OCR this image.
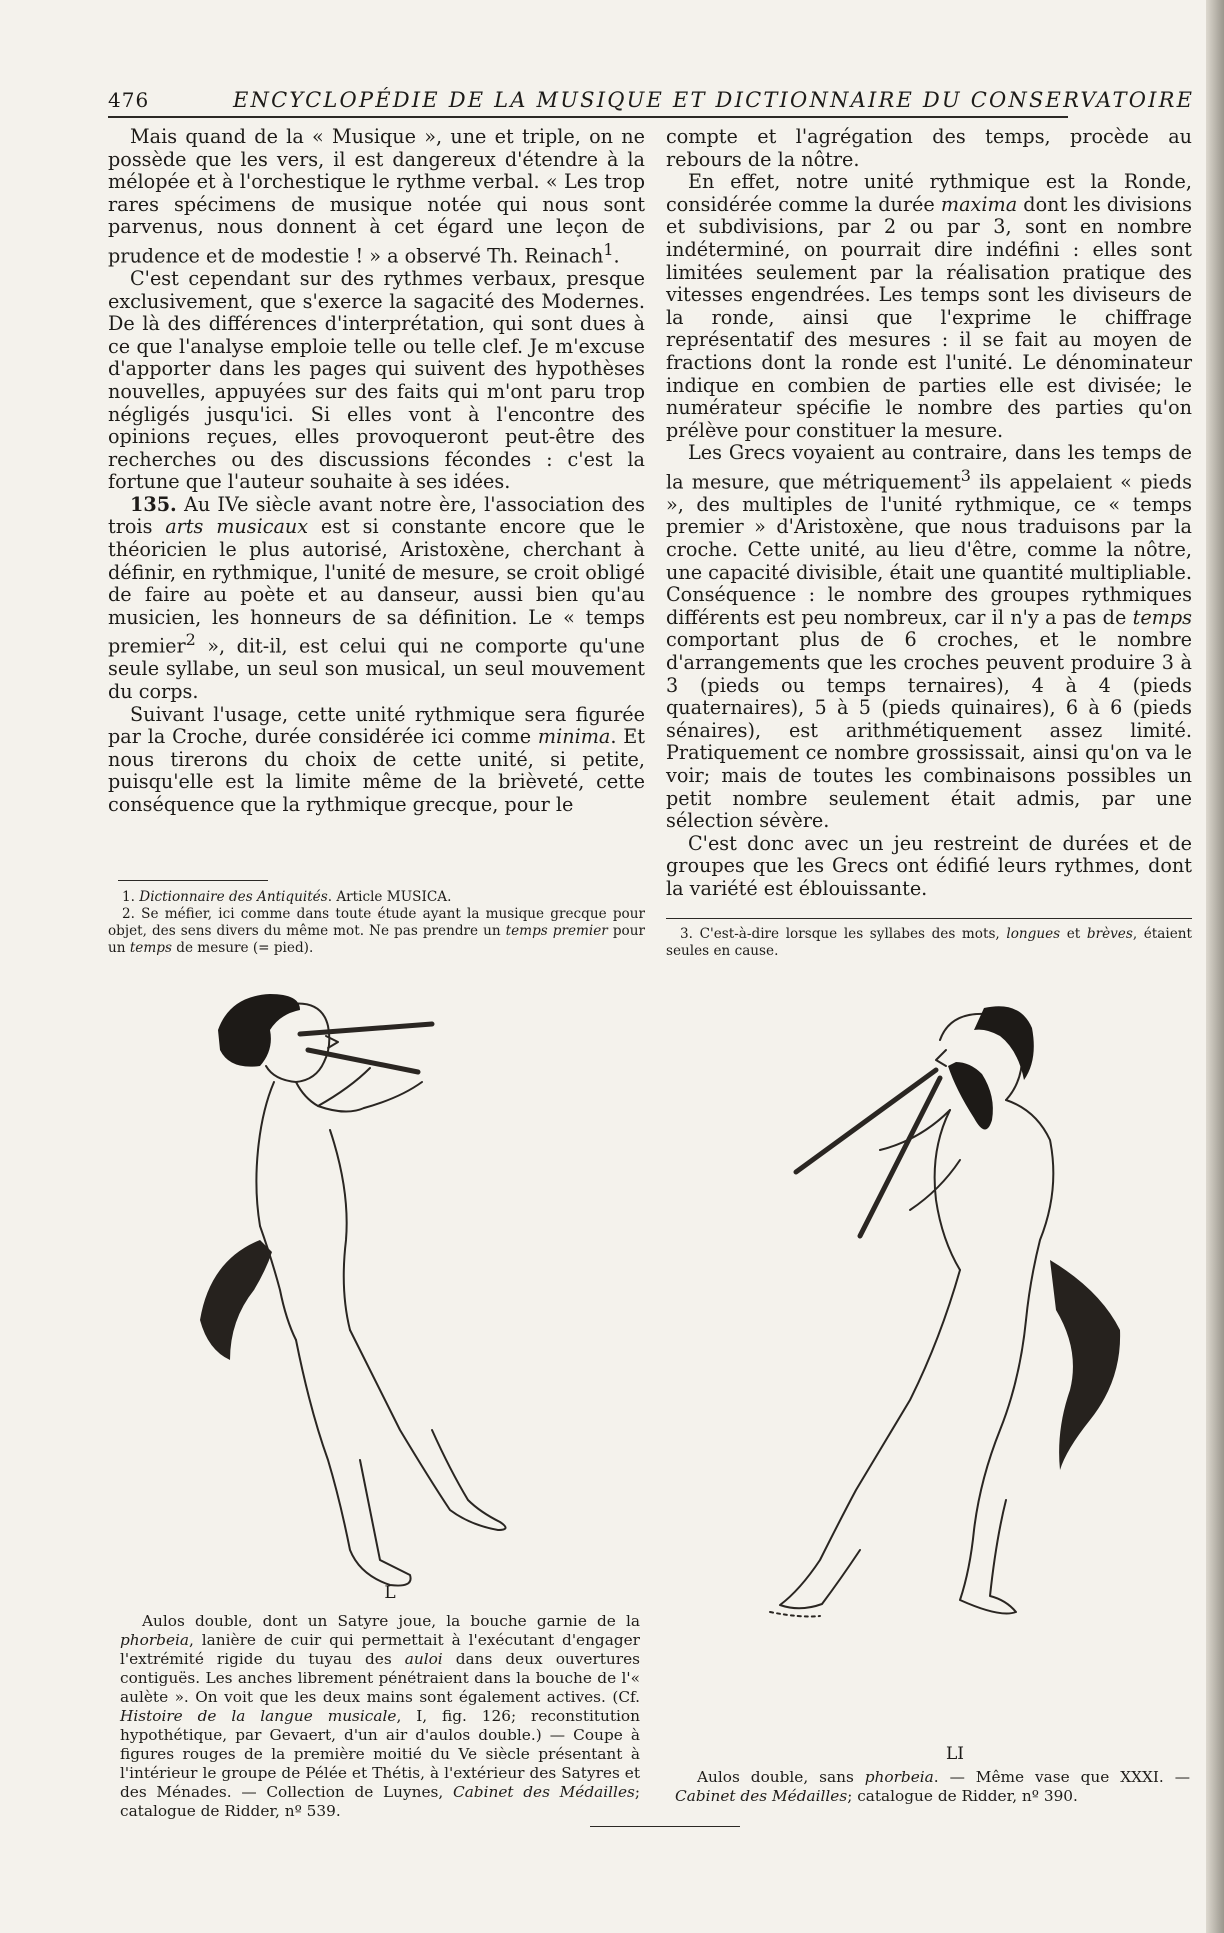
476	ENCYCLOPÉDIE DE LA MUSIQUE ET DICTIONNAIRE DU CONSERVATOIRE

Mais quand de la « Musique », une et triple, on ne possède que les vers, il est dangereux d'étendre à la mélopée et à l'orchestique le rythme verbal. « Les trop rares spécimens de musique notée qui nous sont parvenus, nous donnent à cet égard une leçon de prudence et de modestie ! » a observé Th. Reinach$^1$.

C'est cependant sur des rythmes verbaux, presque exclusivement, que s'exerce la sagacité des Modernes. De là des différences d'interprétation, qui sont dues à ce que l'analyse emploie telle ou telle clef. Je m'excuse d'apporter dans les pages qui suivent des hypothèses nouvelles, appuyées sur des faits qui m'ont paru trop négligés jusqu'ici. Si elles vont à l'encontre des opinions reçues, elles provoqueront peut-être des recherches ou des discussions fécondes : c'est la fortune que l'auteur souhaite à ses idées.

135. Au IVe siècle avant notre ère, l'association des trois arts musicaux est si constante encore que le théoricien le plus autorisé, Aristoxène, cherchant à définir, en rythmique, l'unité de mesure, se croit obligé de faire au poète et au danseur, aussi bien qu'au musicien, les honneurs de sa définition. Le « temps premier$^2$ », dit-il, est celui qui ne comporte qu'une seule syllabe, un seul son musical, un seul mouvement du corps.

Suivant l'usage, cette unité rythmique sera figurée par la Croche, durée considérée ici comme minima. Et nous tirerons du choix de cette unité, si petite, puisqu'elle est la limite même de la brièveté, cette conséquence que la rythmique grecque, pour le

1. Dictionnaire des Antiquités. Article MUSICA.

2. Se méfier, ici comme dans toute étude ayant la musique grecque pour objet, des sens divers du même mot. Ne pas prendre un temps premier pour un temps de mesure (= pied).

compte et l'agrégation des temps, procède au rebours de la nôtre.

En effet, notre unité rythmique est la Ronde, considérée comme la durée maxima dont les divisions et subdivisions, par 2 ou par 3, sont en nombre indéterminé, on pourrait dire indéfini : elles sont limitées seulement par la réalisation pratique des vitesses engendrées. Les temps sont les diviseurs de la ronde, ainsi que l'exprime le chiffrage représentatif des mesures : il se fait au moyen de fractions dont la ronde est l'unité. Le dénominateur indique en combien de parties elle est divisée; le numérateur spécifie le nombre des parties qu'on prélève pour constituer la mesure.

Les Grecs voyaient au contraire, dans les temps de la mesure, que métriquement$^3$ ils appelaient « pieds », des multiples de l'unité rythmique, ce « temps premier » d'Aristoxène, que nous traduisons par la croche. Cette unité, au lieu d'être, comme la nôtre, une capacité divisible, était une quantité multipliable. Conséquence : le nombre des groupes rythmiques différents est peu nombreux, car il n'y a pas de temps comportant plus de 6 croches, et le nombre d'arrangements que les croches peuvent produire 3 à 3 (pieds ou temps ternaires), 4 à 4 (pieds quaternaires), 5 à 5 (pieds quinaires), 6 à 6 (pieds sénaires), est arithmétiquement assez limité. Pratiquement ce nombre grossissait, ainsi qu'on va le voir; mais de toutes les combinaisons possibles un petit nombre seulement était admis, par une sélection sévère.

C'est donc avec un jeu restreint de durées et de groupes que les Grecs ont édifié leurs rythmes, dont la variété est éblouissante.

3. C'est-à-dire lorsque les syllabes des mots, longues et brèves, étaient seules en cause.

L

Aulos double, dont un Satyre joue, la bouche garnie de la phorbeia, lanière de cuir qui permettait à l'exécutant d'engager l'extrémité rigide du tuyau des auloi dans deux ouvertures contiguës. Les anches librement pénétraient dans la bouche de l'« aulète ». On voit que les deux mains sont également actives. (Cf. Histoire de la langue musicale, I, fig. 126; reconstitution hypothétique, par Gevaert, d'un air d'aulos double.) — Coupe à figures rouges de la première moitié du Ve siècle présentant à l'intérieur le groupe de Pélée et Thétis, à l'extérieur des Satyres et des Ménades. — Collection de Luynes, Cabinet des Médailles; catalogue de Ridder, nº 539.

LI

Aulos double, sans phorbeia. — Même vase que XXXI. — Cabinet des Médailles; catalogue de Ridder, nº 390.
